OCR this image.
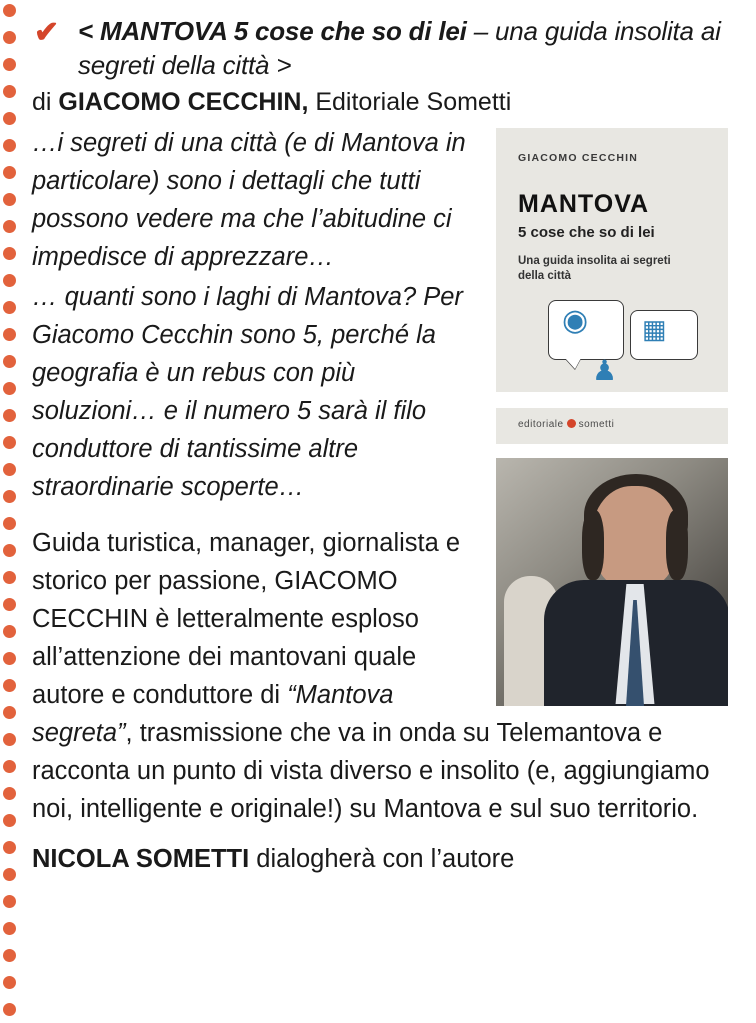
✔ < MANTOVA 5 cose che so di lei – una guida insolita ai segreti della città >
di GIACOMO CECCHIN, Editoriale Sometti
GIACOMO CECCHIN
MANTOVA
5 cose che so di lei
Una guida insolita ai segreti della città
◉ ▦
♟
editoriale sometti

…i segreti di una città (e di Mantova in particolare) sono i dettagli che tutti possono vedere ma che l’abitudine ci impedisce di apprezzare…

… quanti sono i laghi di Mantova? Per Giacomo Cecchin sono 5, perché la geografia è un rebus con più soluzioni… e il numero 5 sarà il filo conduttore di tantissime altre straordinarie scoperte…

Guida turistica, manager, giornalista e storico per passione, GIACOMO CECCHIN è letteralmente esploso all’attenzione dei mantovani quale autore e conduttore di “Mantova segreta”, trasmissione che va in onda su Telemantova e racconta un punto di vista diverso e insolito (e, aggiungiamo noi, intelligente e originale!) su Mantova e sul suo territorio.

NICOLA SOMETTI dialogherà con l’autore
